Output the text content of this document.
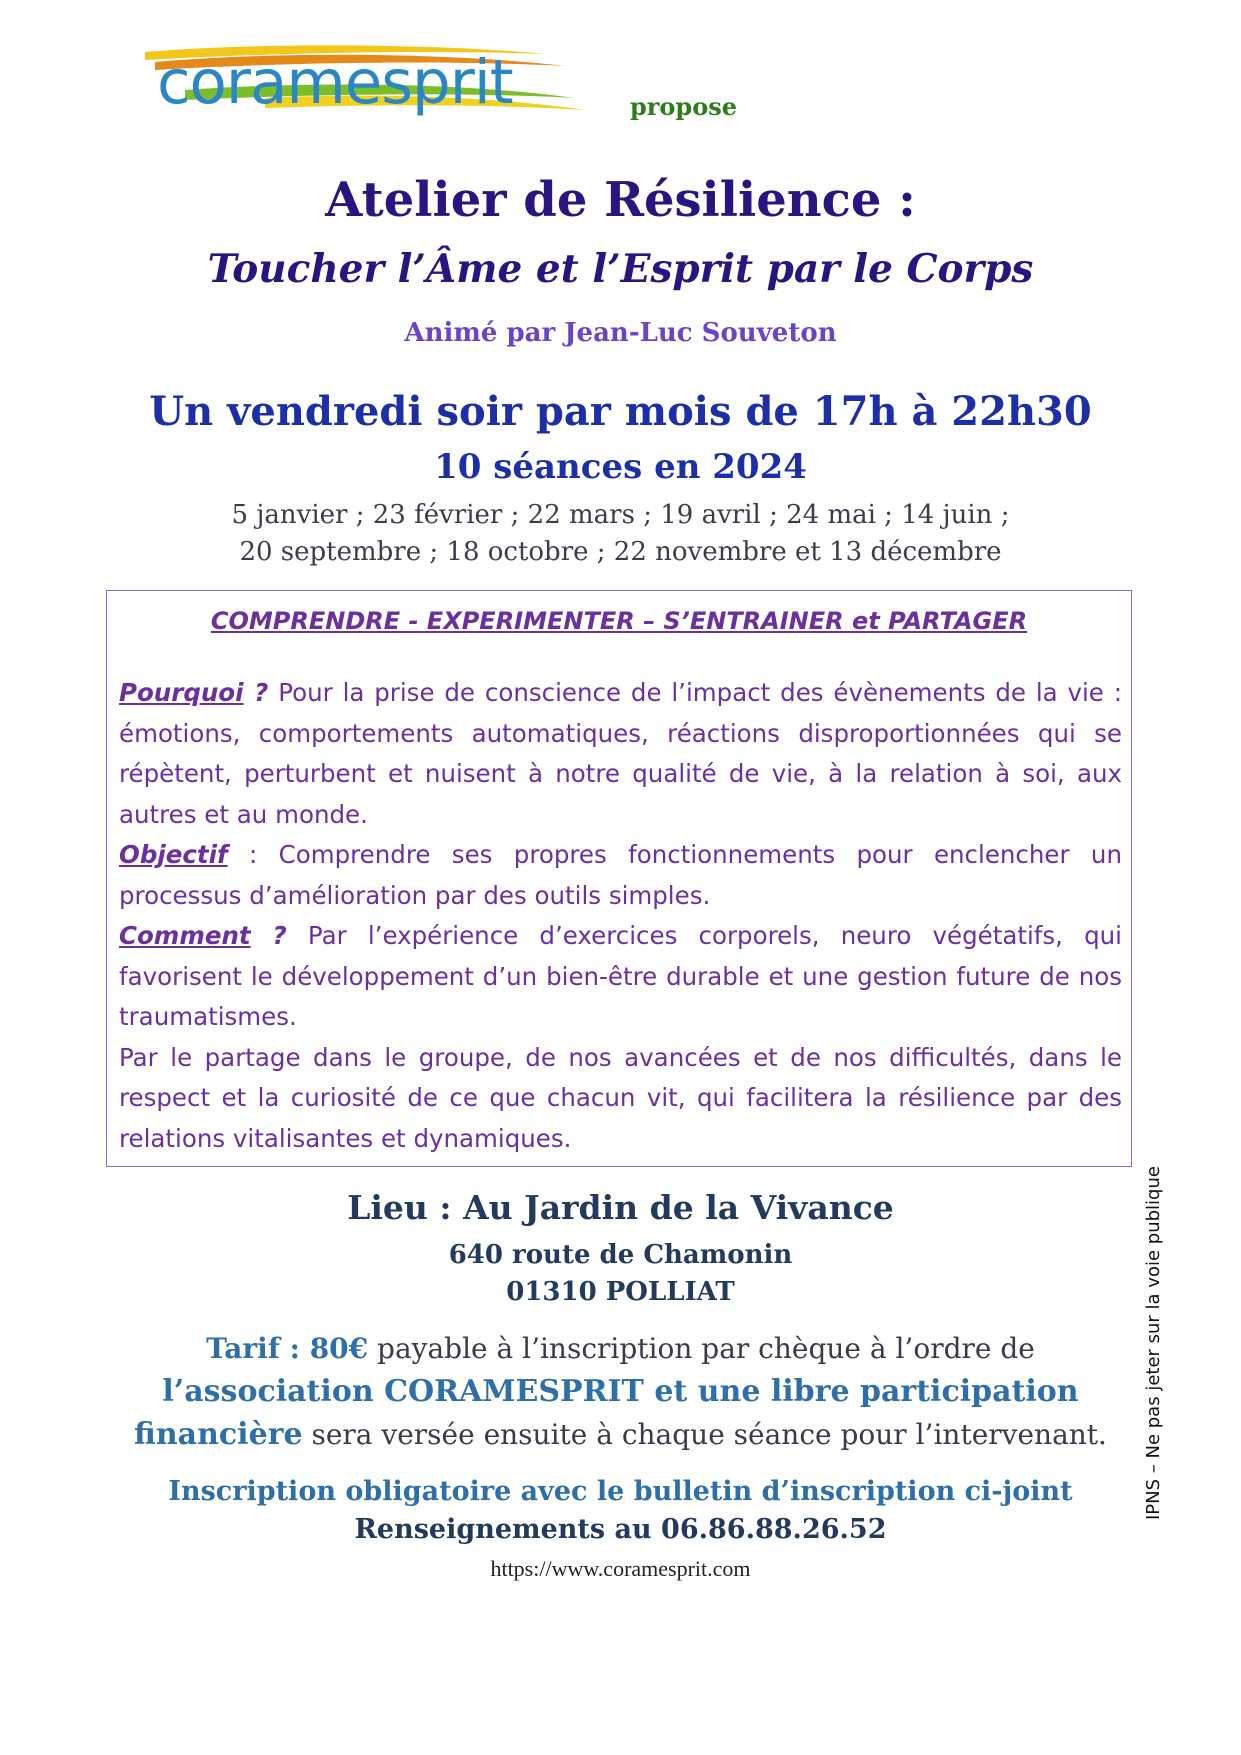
coramesprit	propose
Atelier de Résilience :
Toucher l’Âme et l’Esprit par le Corps
Animé par Jean-Luc Souveton
Un vendredi soir par mois de 17h à 22h30
10 séances en 2024
5 janvier ; 23 février ; 22 mars ; 19 avril ; 24 mai ; 14 juin ;
20 septembre ; 18 octobre ; 22 novembre et 13 décembre
COMPRENDRE - EXPERIMENTER – S’ENTRAINER et PARTAGER

Pourquoi ? Pour la prise de conscience de l’impact des évènements de la vie : émotions, comportements automatiques, réactions disproportionnées qui se répètent, perturbent et nuisent à notre qualité de vie, à la relation à soi, aux autres et au monde.

Objectif : Comprendre ses propres fonctionnements pour enclencher un processus d’amélioration par des outils simples.

Comment ? Par l’expérience d’exercices corporels, neuro végétatifs, qui favorisent le développement d’un bien-être durable et une gestion future de nos traumatismes.

Par le partage dans le groupe, de nos avancées et de nos difficultés, dans le respect et la curiosité de ce que chacun vit, qui facilitera la résilience par des relations vitalisantes et dynamiques.

Lieu : Au Jardin de la Vivance
640 route de Chamonin
01310 POLLIAT
Tarif : 80€ payable à l’inscription par chèque à l’ordre de
l’association CORAMESPRIT et une libre participation
financière sera versée ensuite à chaque séance pour l’intervenant.
Inscription obligatoire avec le bulletin d’inscription ci-joint
Renseignements au 06.86.88.26.52
https://www.coramesprit.com
IPNS – Ne pas jeter sur la voie publique
